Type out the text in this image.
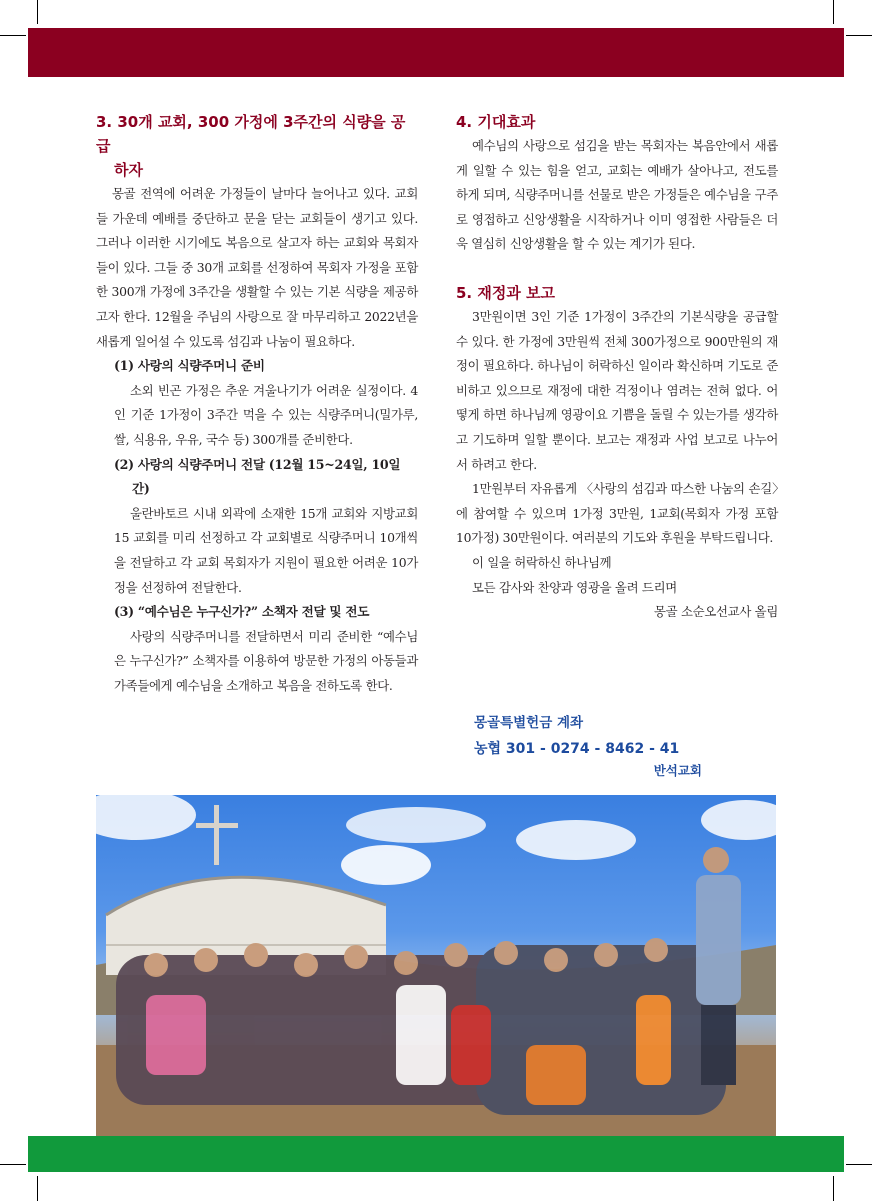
3. 30개 교회, 300 가정에 3주간의 식량을 공급
하자

몽골 전역에 어려운 가정들이 날마다 늘어나고 있다. 교회들 가운데 예배를 중단하고 문을 닫는 교회들이 생기고 있다. 그러나 이러한 시기에도 복음으로 살고자 하는 교회와 목회자들이 있다. 그들 중 30개 교회를 선정하여 목회자 가정을 포함한 300개 가정에 3주간을 생활할 수 있는 기본 식량을 제공하고자 한다. 12월을 주님의 사랑으로 잘 마무리하고 2022년을 새롭게 일어설 수 있도록 섬김과 나눔이 필요하다.

(1) 사랑의 식량주머니 준비

소외 빈곤 가정은 추운 겨울나기가 어려운 실정이다. 4인 기준 1가정이 3주간 먹을 수 있는 식량주머니(밀가루, 쌀, 식용유, 우유, 국수 등) 300개를 준비한다.

(2) 사랑의 식량주머니 전달 (12월 15~24일, 10일
간)

울란바토르 시내 외곽에 소재한 15개 교회와 지방교회 15 교회를 미리 선정하고 각 교회별로 식량주머니 10개씩을 전달하고 각 교회 목회자가 지원이 필요한 어려운 10가정을 선정하여 전달한다.

(3) “예수님은 누구신가?” 소책자 전달 및 전도

사랑의 식량주머니를 전달하면서 미리 준비한 “예수님은 누구신가?” 소책자를 이용하여 방문한 가정의 아동들과 가족들에게 예수님을 소개하고 복음을 전하도록 한다.

4. 기대효과

예수님의 사랑으로 섬김을 받는 목회자는 복음안에서 새롭게 일할 수 있는 힘을 얻고, 교회는 예배가 살아나고, 전도를 하게 되며, 식량주머니를 선물로 받은 가정들은 예수님을 구주로 영접하고 신앙생활을 시작하거나 이미 영접한 사람들은 더욱 열심히 신앙생활을 할 수 있는 계기가 된다.

5. 재정과 보고

3만원이면 3인 기준 1가정이 3주간의 기본식량을 공급할 수 있다. 한 가정에 3만원씩 전체 300가정으로 900만원의 재정이 필요하다. 하나님이 허락하신 일이라 확신하며 기도로 준비하고 있으므로 재정에 대한 걱정이나 염려는 전혀 없다. 어떻게 하면 하나님께 영광이요 기쁨을 돌릴 수 있는가를 생각하고 기도하며 일할 뿐이다. 보고는 재정과 사업 보고로 나누어서 하려고 한다.

1만원부터 자유롭게 〈사랑의 섬김과 따스한 나눔의 손길〉에 참여할 수 있으며 1가정 3만원, 1교회(목회자 가정 포함 10가정) 30만원이다. 여러분의 기도와 후원을 부탁드립니다.

이 일을 허락하신 하나님께

모든 감사와 찬양과 영광을 올려 드리며

몽골 소순오선교사 올림

몽골특별헌금 계좌
농협 301 - 0274 - 8462 - 41
반석교회
